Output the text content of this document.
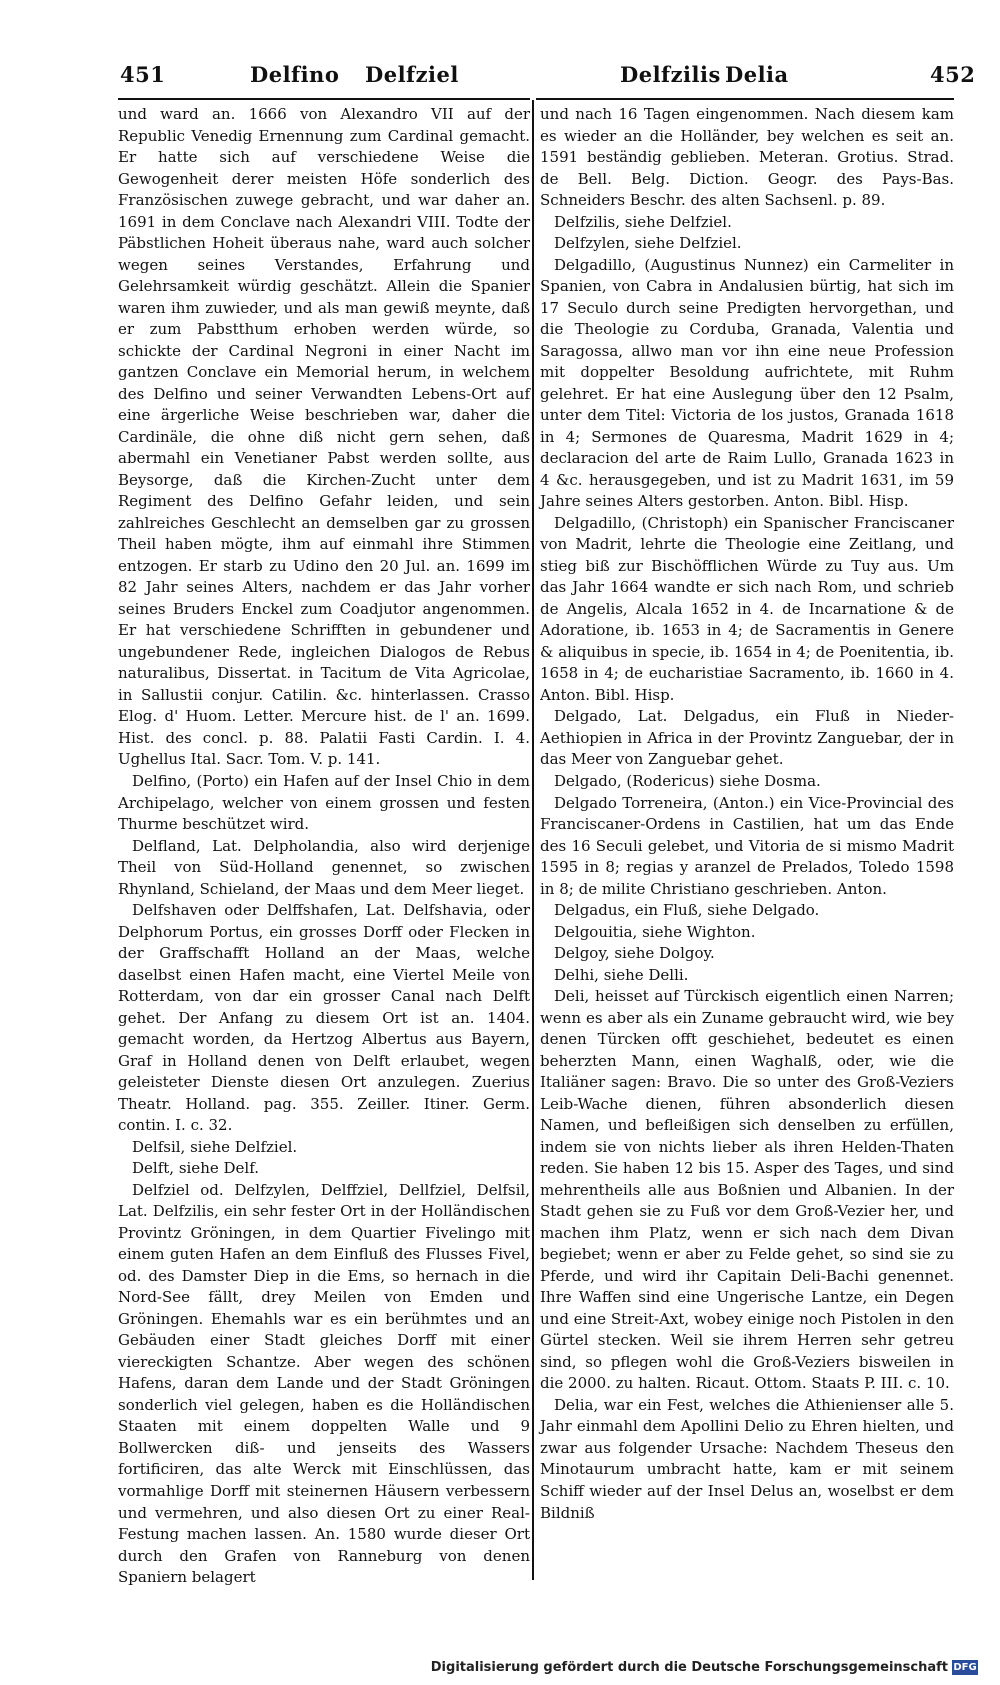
451	Delfino Delfziel	Delfzilis Delia	452

und ward an. 1666 von Alexandro VII auf der Republic Venedig Ernennung zum Cardinal gemacht. Er hatte sich auf verschiedene Weise die Gewogenheit derer meisten Höfe sonderlich des Französischen zuwege gebracht, und war daher an. 1691 in dem Conclave nach Alexandri VIII. Todte der Päbstlichen Hoheit überaus nahe, ward auch solcher wegen seines Verstandes, Erfahrung und Gelehrsamkeit würdig geschätzt. Allein die Spanier waren ihm zuwieder, und als man gewiß meynte, daß er zum Pabstthum erhoben werden würde, so schickte der Cardinal Negroni in einer Nacht im gantzen Conclave ein Memorial herum, in welchem des Delfino und seiner Verwandten Lebens-Ort auf eine ärgerliche Weise beschrieben war, daher die Cardinäle, die ohne diß nicht gern sehen, daß abermahl ein Venetianer Pabst werden sollte, aus Beysorge, daß die Kirchen-Zucht unter dem Regiment des Delfino Gefahr leiden, und sein zahlreiches Geschlecht an demselben gar zu grossen Theil haben mögte, ihm auf einmahl ihre Stimmen entzogen. Er starb zu Udino den 20 Jul. an. 1699 im 82 Jahr seines Alters, nachdem er das Jahr vorher seines Bruders Enckel zum Coadjutor angenommen. Er hat verschiedene Schrifften in gebundener und ungebundener Rede, ingleichen Dialogos de Rebus naturalibus, Dissertat. in Tacitum de Vita Agricolae, in Sallustii conjur. Catilin. &c. hinterlassen. Crasso Elog. d' Huom. Letter. Mercure hist. de l' an. 1699. Hist. des concl. p. 88. Palatii Fasti Cardin. I. 4. Ughellus Ital. Sacr. Tom. V. p. 141.

Delfino, (Porto) ein Hafen auf der Insel Chio in dem Archipelago, welcher von einem grossen und festen Thurme beschützet wird.

Delfland, Lat. Delpholandia, also wird derjenige Theil von Süd-Holland genennet, so zwischen Rhynland, Schieland, der Maas und dem Meer lieget.

Delfshaven oder Delffshafen, Lat. Delfshavia, oder Delphorum Portus, ein grosses Dorff oder Flecken in der Graffschafft Holland an der Maas, welche daselbst einen Hafen macht, eine Viertel Meile von Rotterdam, von dar ein grosser Canal nach Delft gehet. Der Anfang zu diesem Ort ist an. 1404. gemacht worden, da Hertzog Albertus aus Bayern, Graf in Holland denen von Delft erlaubet, wegen geleisteter Dienste diesen Ort anzulegen. Zuerius Theatr. Holland. pag. 355. Zeiller. Itiner. Germ. contin. I. c. 32.

Delfsil, siehe Delfziel.

Delft, siehe Delf.

Delfziel od. Delfzylen, Delffziel, Dellfziel, Delfsil, Lat. Delfzilis, ein sehr fester Ort in der Holländischen Provintz Gröningen, in dem Quartier Fivelingo mit einem guten Hafen an dem Einfluß des Flusses Fivel, od. des Damster Diep in die Ems, so hernach in die Nord-See fällt, drey Meilen von Emden und Gröningen. Ehemahls war es ein berühmtes und an Gebäuden einer Stadt gleiches Dorff mit einer viereckigten Schantze. Aber wegen des schönen Hafens, daran dem Lande und der Stadt Gröningen sonderlich viel gelegen, haben es die Holländischen Staaten mit einem doppelten Walle und 9 Bollwercken diß- und jenseits des Wassers fortificiren, das alte Werck mit Einschlüssen, das vormahlige Dorff mit steinernen Häusern verbessern und vermehren, und also diesen Ort zu einer Real-Festung machen lassen. An. 1580 wurde dieser Ort durch den Grafen von Ranneburg von denen Spaniern belagert

und nach 16 Tagen eingenommen. Nach diesem kam es wieder an die Holländer, bey welchen es seit an. 1591 beständig geblieben. Meteran. Grotius. Strad. de Bell. Belg. Diction. Geogr. des Pays-Bas. Schneiders Beschr. des alten Sachsenl. p. 89.

Delfzilis, siehe Delfziel.

Delfzylen, siehe Delfziel.

Delgadillo, (Augustinus Nunnez) ein Carmeliter in Spanien, von Cabra in Andalusien bürtig, hat sich im 17 Seculo durch seine Predigten hervorgethan, und die Theologie zu Corduba, Granada, Valentia und Saragossa, allwo man vor ihn eine neue Profession mit doppelter Besoldung aufrichtete, mit Ruhm gelehret. Er hat eine Auslegung über den 12 Psalm, unter dem Titel: Victoria de los justos, Granada 1618 in 4; Sermones de Quaresma, Madrit 1629 in 4; declaracion del arte de Raim Lullo, Granada 1623 in 4 &c. herausgegeben, und ist zu Madrit 1631, im 59 Jahre seines Alters gestorben. Anton. Bibl. Hisp.

Delgadillo, (Christoph) ein Spanischer Franciscaner von Madrit, lehrte die Theologie eine Zeitlang, und stieg biß zur Bischöfflichen Würde zu Tuy aus. Um das Jahr 1664 wandte er sich nach Rom, und schrieb de Angelis, Alcala 1652 in 4. de Incarnatione & de Adoratione, ib. 1653 in 4; de Sacramentis in Genere & aliquibus in specie, ib. 1654 in 4; de Poenitentia, ib. 1658 in 4; de eucharistiae Sacramento, ib. 1660 in 4. Anton. Bibl. Hisp.

Delgado, Lat. Delgadus, ein Fluß in Nieder-Aethiopien in Africa in der Provintz Zanguebar, der in das Meer von Zanguebar gehet.

Delgado, (Rodericus) siehe Dosma.

Delgado Torreneira, (Anton.) ein Vice-Provincial des Franciscaner-Ordens in Castilien, hat um das Ende des 16 Seculi gelebet, und Vitoria de si mismo Madrit 1595 in 8; regias y aranzel de Prelados, Toledo 1598 in 8; de milite Christiano geschrieben. Anton.

Delgadus, ein Fluß, siehe Delgado.

Delgouitia, siehe Wighton.

Delgoy, siehe Dolgoy.

Delhi, siehe Delli.

Deli, heisset auf Türckisch eigentlich einen Narren; wenn es aber als ein Zuname gebraucht wird, wie bey denen Türcken offt geschiehet, bedeutet es einen beherzten Mann, einen Waghalß, oder, wie die Italiäner sagen: Bravo. Die so unter des Groß-Veziers Leib-Wache dienen, führen absonderlich diesen Namen, und befleißigen sich denselben zu erfüllen, indem sie von nichts lieber als ihren Helden-Thaten reden. Sie haben 12 bis 15. Asper des Tages, und sind mehrentheils alle aus Boßnien und Albanien. In der Stadt gehen sie zu Fuß vor dem Groß-Vezier her, und machen ihm Platz, wenn er sich nach dem Divan begiebet; wenn er aber zu Felde gehet, so sind sie zu Pferde, und wird ihr Capitain Deli-Bachi genennet. Ihre Waffen sind eine Ungerische Lantze, ein Degen und eine Streit-Axt, wobey einige noch Pistolen in den Gürtel stecken. Weil sie ihrem Herren sehr getreu sind, so pflegen wohl die Groß-Veziers bisweilen in die 2000. zu halten. Ricaut. Ottom. Staats P. III. c. 10.

Delia, war ein Fest, welches die Athienienser alle 5. Jahr einmahl dem Apollini Delio zu Ehren hielten, und zwar aus folgender Ursache: Nachdem Theseus den Minotaurum umbracht hatte, kam er mit seinem Schiff wieder auf der Insel Delus an, woselbst er dem Bildniß

Digitalisierung gefördert durch die Deutsche Forschungsgemeinschaft DFG
